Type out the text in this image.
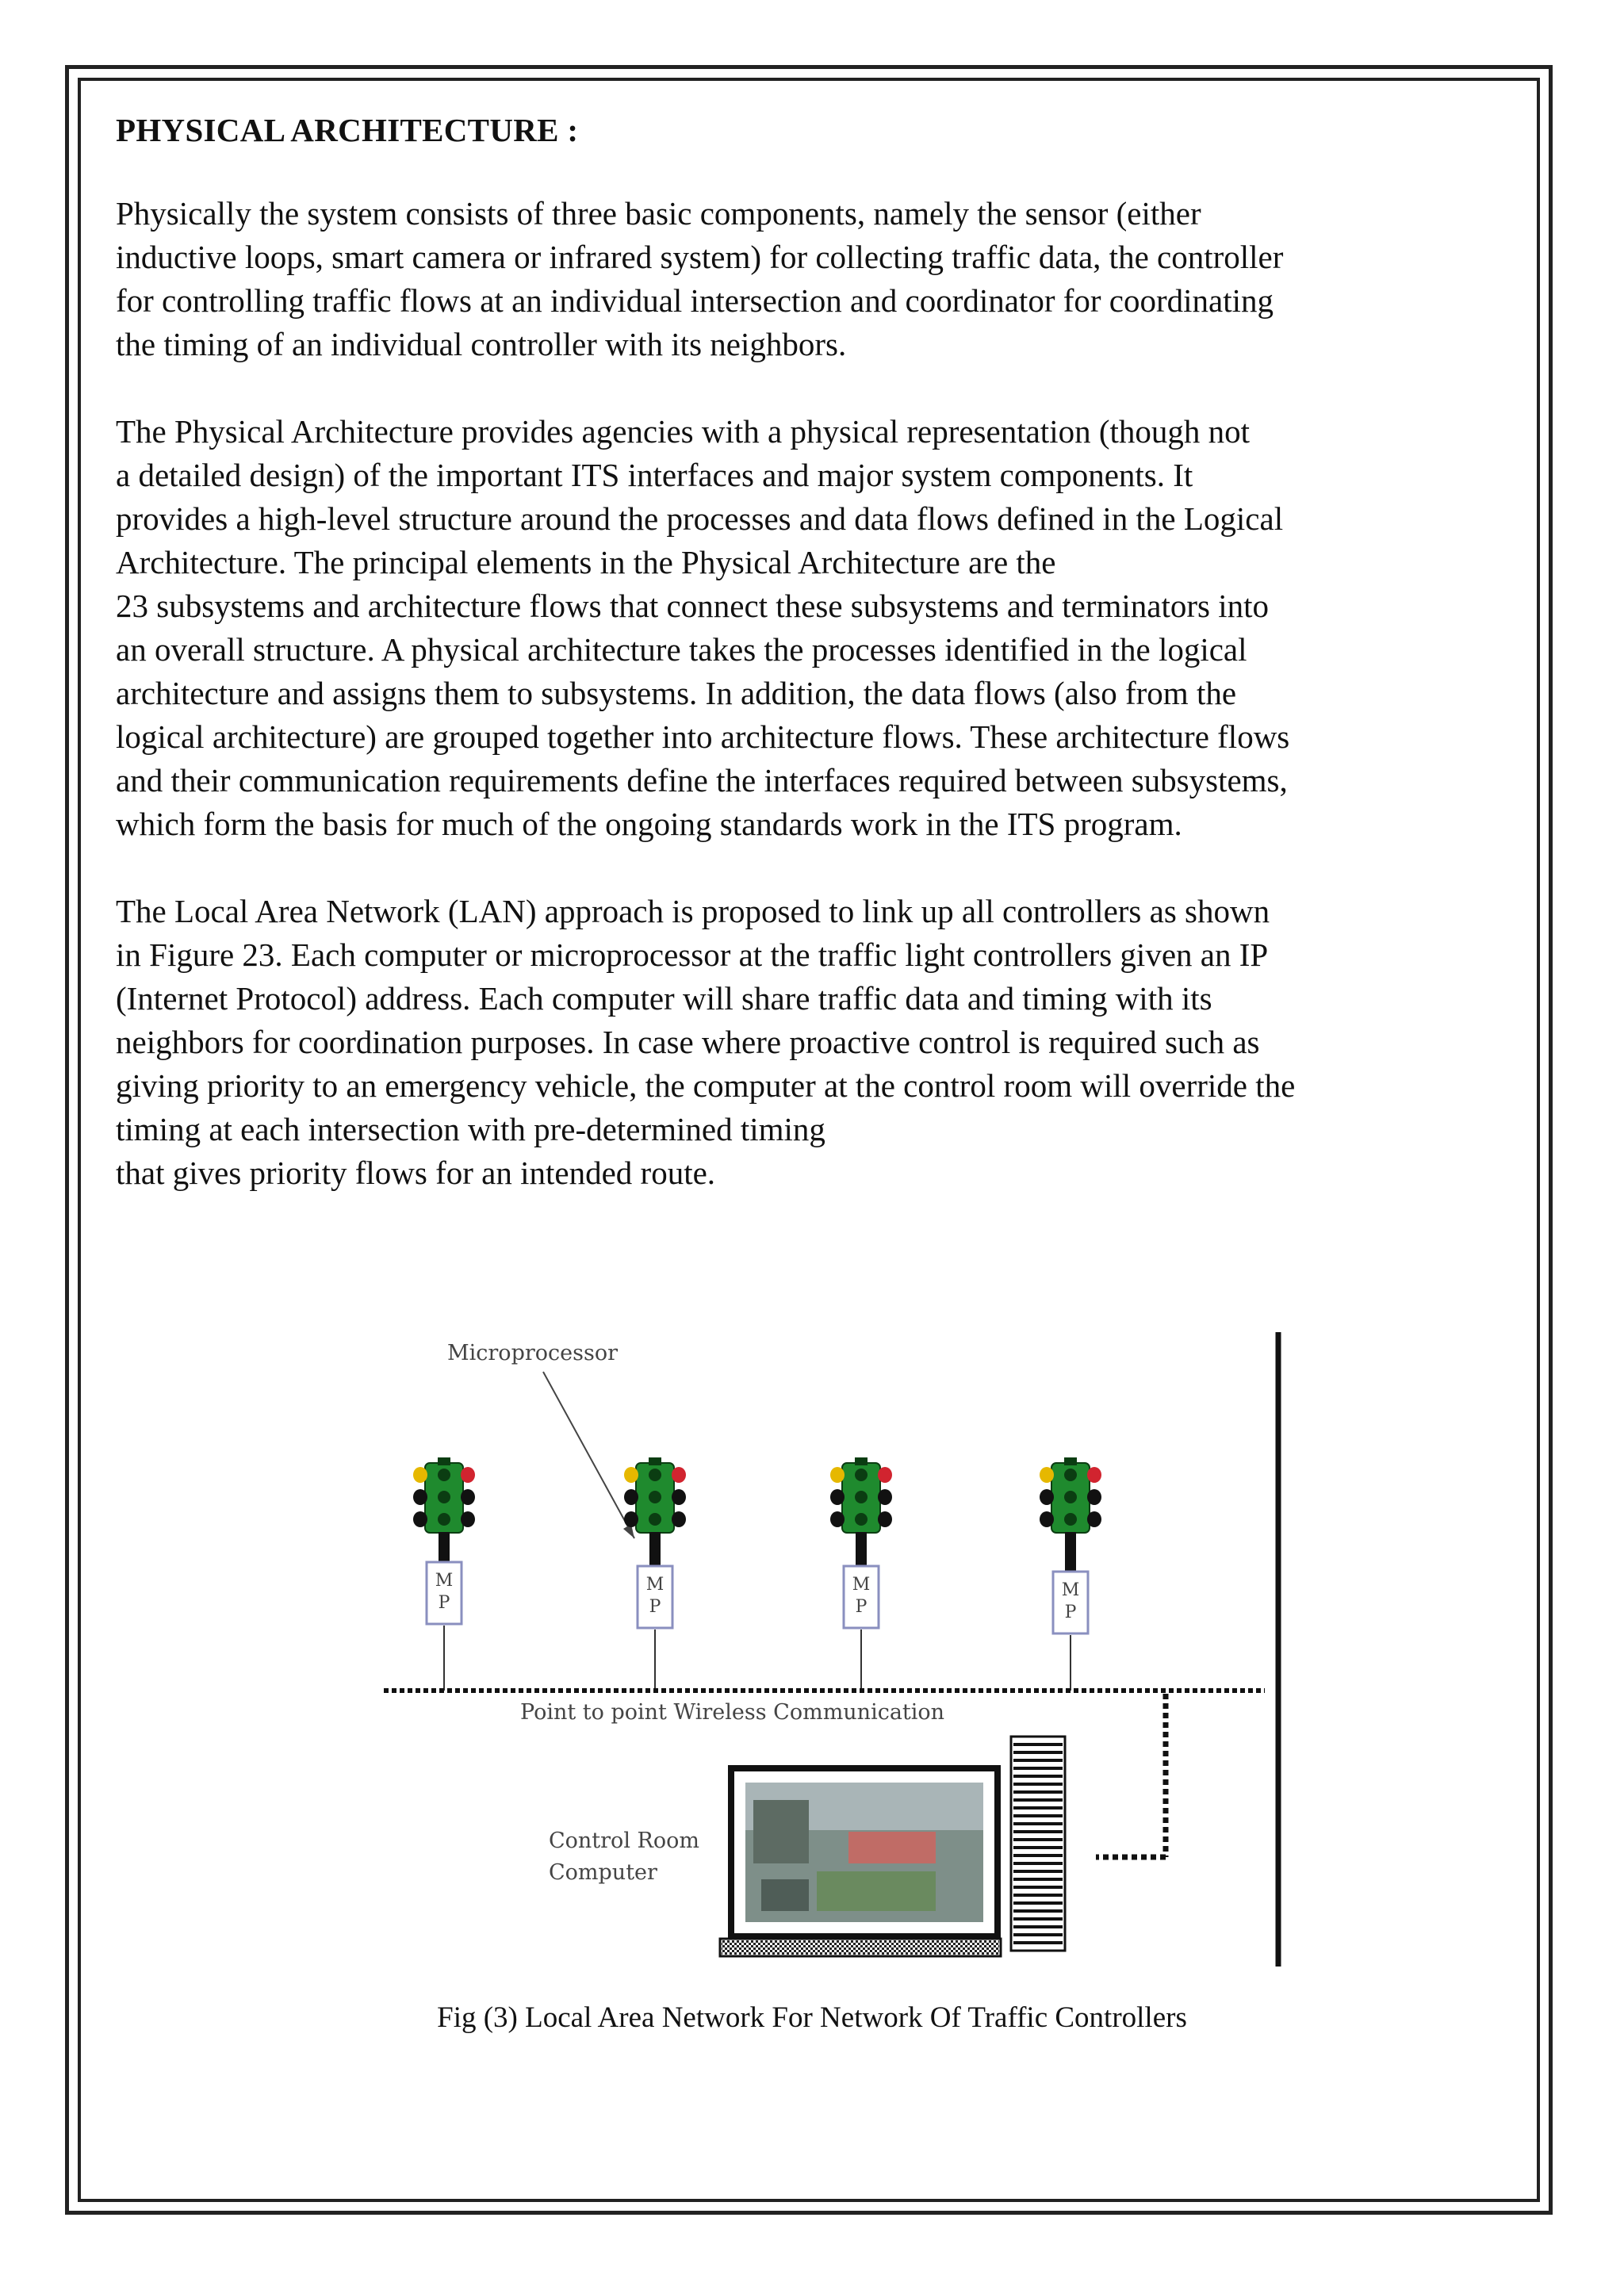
PHYSICAL ARCHITECTURE :
Physically the system consists of three basic components, namely the sensor (either
inductive loops, smart camera or infrared system) for collecting traffic data, the controller
for controlling traffic flows at an individual intersection and coordinator for coordinating
the timing of an individual controller with its neighbors.
The Physical Architecture provides agencies with a physical representation (though not
a detailed design) of the important ITS interfaces and major system components. It
provides a high-level structure around the processes and data flows defined in the Logical
Architecture. The principal elements in the Physical Architecture are the
23 subsystems and architecture flows that connect these subsystems and terminators into
an overall structure. A physical architecture takes the processes identified in the logical
architecture and assigns them to subsystems. In addition, the data flows (also from the
logical architecture) are grouped together into architecture flows. These architecture flows
and their communication requirements define the interfaces required between subsystems,
which form the basis for much of the ongoing standards work in the ITS program.
The Local Area Network (LAN) approach is proposed to link up all controllers as shown
in Figure 23. Each computer or microprocessor at the traffic light controllers given an IP
(Internet Protocol) address. Each computer will share traffic data and timing with its
neighbors for coordination purposes. In case where proactive control is required such as
giving priority to an emergency vehicle, the computer at the control room will override the
timing at each intersection with pre-determined timing
that gives priority flows for an intended route.
Microprocessor
M
P
M
P
M
P
M
P
Point to point Wireless Communication
Control Room
Computer
Fig (3) Local Area Network For Network Of Traffic Controllers
